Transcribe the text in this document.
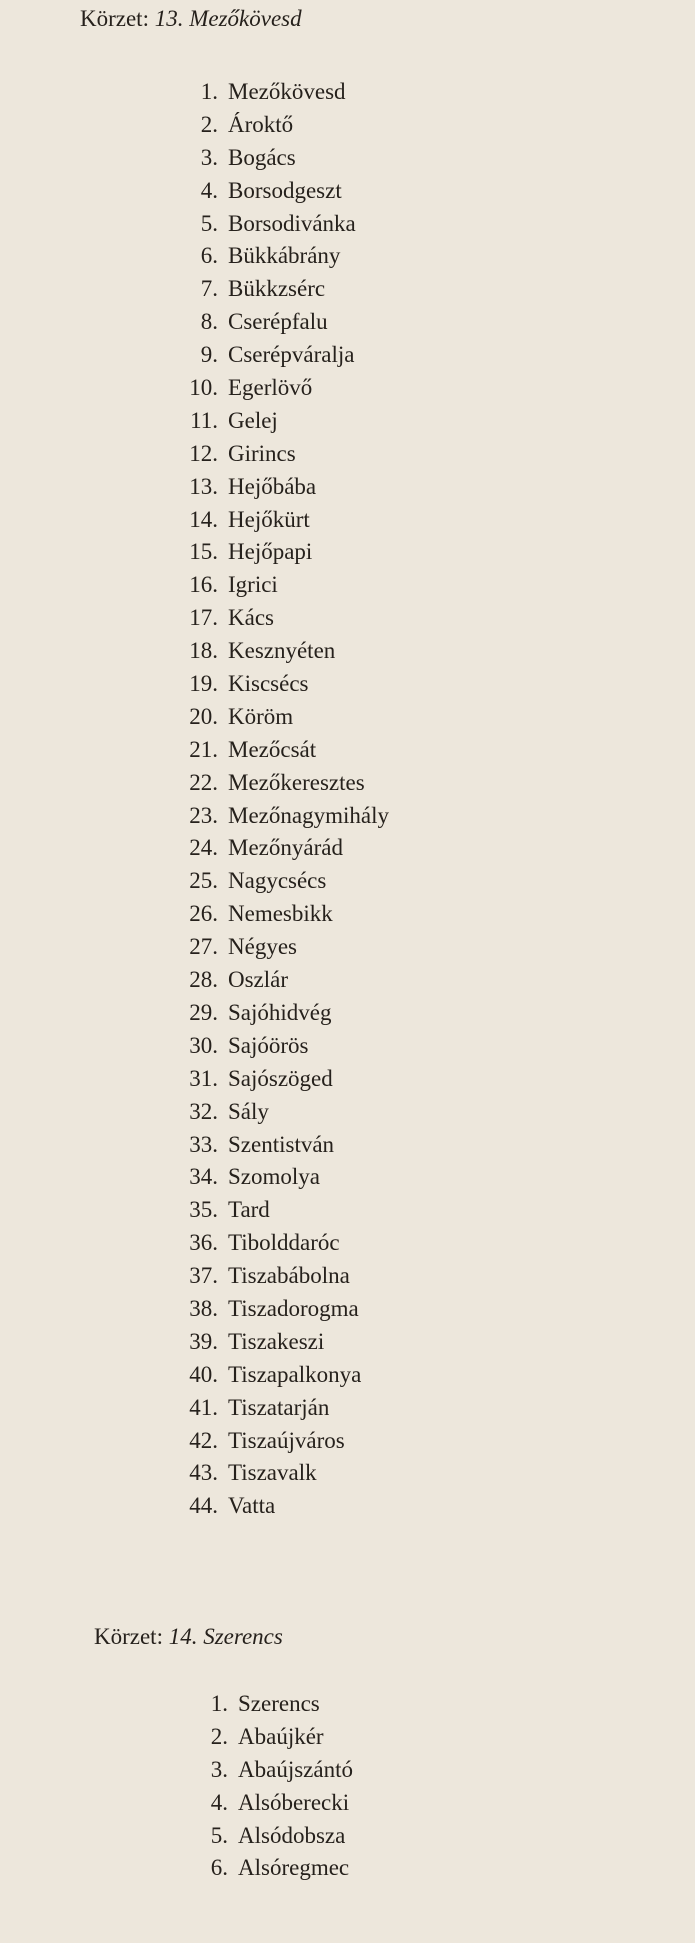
Körzet: 13. Mezőkövesd
1. Mezőkövesd
2. Ároktő
3. Bogács
4. Borsodgeszt
5. Borsodivánka
6. Bükkábrány
7. Bükkzsérc
8. Cserépfalu
9. Cserépváralja
10. Egerlövő
11. Gelej
12. Girincs
13. Hejőbába
14. Hejőkürt
15. Hejőpapi
16. Igrici
17. Kács
18. Kesznyéten
19. Kiscsécs
20. Köröm
21. Mezőcsát
22. Mezőkeresztes
23. Mezőnagymihály
24. Mezőnyárád
25. Nagycsécs
26. Nemesbikk
27. Négyes
28. Oszlár
29. Sajóhidvég
30. Sajóörös
31. Sajószöged
32. Sály
33. Szentistván
34. Szomolya
35. Tard
36. Tibolddaróc
37. Tiszabábolna
38. Tiszadorogma
39. Tiszakeszi
40. Tiszapalkonya
41. Tiszatarján
42. Tiszaújváros
43. Tiszavalk
44. Vatta
Körzet: 14. Szerencs
1. Szerencs
2. Abaújkér
3. Abaújszántó
4. Alsóberecki
5. Alsódobsza
6. Alsóregmec
